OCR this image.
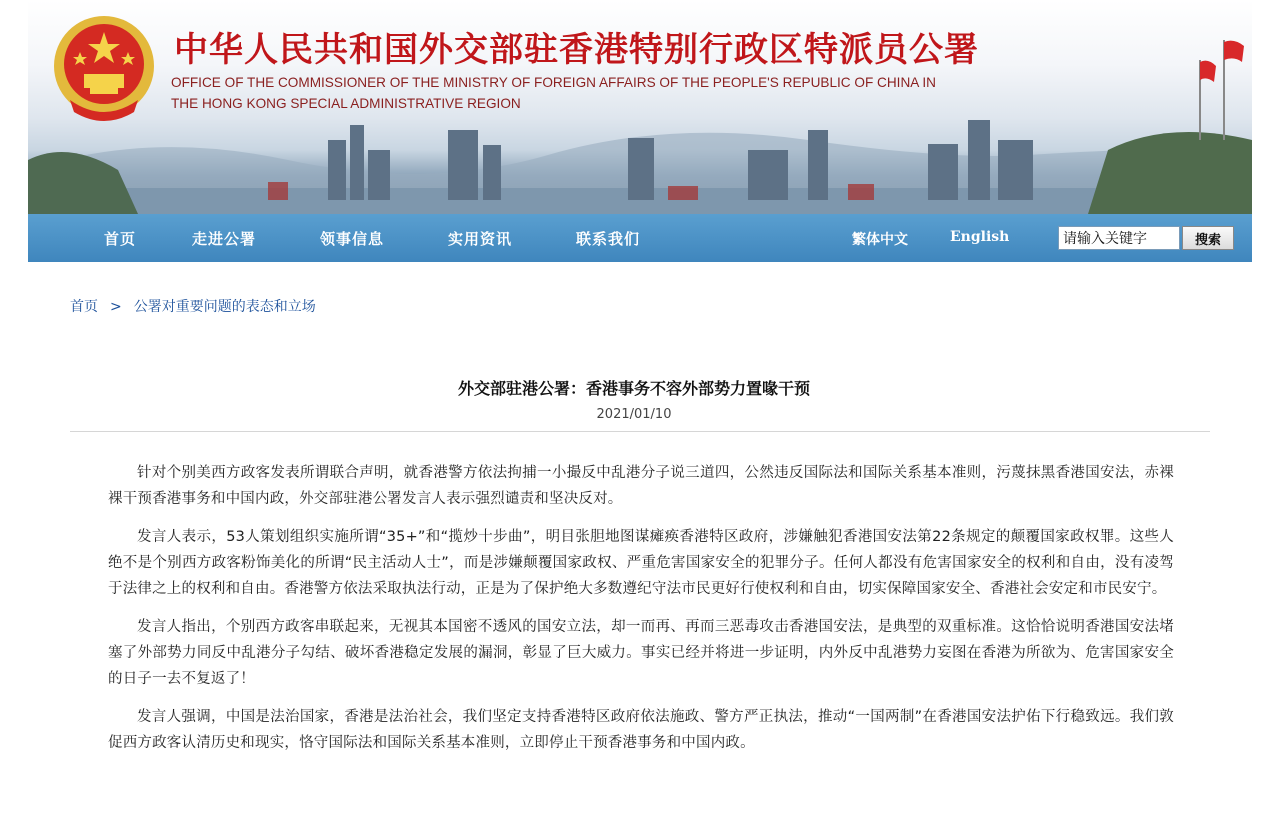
中华人民共和国外交部驻香港特别行政区特派员公署
OFFICE OF THE COMMISSIONER OF THE MINISTRY OF FOREIGN AFFAIRS OF THE PEOPLE'S REPUBLIC OF CHINA IN
THE HONG KONG SPECIAL ADMINISTRATIVE REGION
首页	走进公署	领事信息	实用资讯	联系我们	繁体中文	English
请输入关键字	搜索
首页 > 公署对重要问题的表态和立场
外交部驻港公署：香港事务不容外部势力置喙干预
2021/01/10

针对个别美西方政客发表所谓联合声明，就香港警方依法拘捕一小撮反中乱港分子说三道四，公然违反国际法和国际关系基本准则，污蔑抹黑香港国安法，赤裸裸干预香港事务和中国内政，外交部驻港公署发言人表示强烈谴责和坚决反对。

发言人表示，53人策划组织实施所谓“35+”和“揽炒十步曲”，明目张胆地图谋瘫痪香港特区政府，涉嫌触犯香港国安法第22条规定的颠覆国家政权罪。这些人绝不是个别西方政客粉饰美化的所谓“民主活动人士”，而是涉嫌颠覆国家政权、严重危害国家安全的犯罪分子。任何人都没有危害国家安全的权利和自由，没有凌驾于法律之上的权利和自由。香港警方依法采取执法行动，正是为了保护绝大多数遵纪守法市民更好行使权利和自由，切实保障国家安全、香港社会安定和市民安宁。

发言人指出，个别西方政客串联起来，无视其本国密不透风的国安立法，却一而再、再而三恶毒攻击香港国安法，是典型的双重标准。这恰恰说明香港国安法堵塞了外部势力同反中乱港分子勾结、破坏香港稳定发展的漏洞，彰显了巨大威力。事实已经并将进一步证明，内外反中乱港势力妄图在香港为所欲为、危害国家安全的日子一去不复返了！

发言人强调，中国是法治国家，香港是法治社会，我们坚定支持香港特区政府依法施政、警方严正执法，推动“一国两制”在香港国安法护佑下行稳致远。我们敦促西方政客认清历史和现实，恪守国际法和国际关系基本准则，立即停止干预香港事务和中国内政。
